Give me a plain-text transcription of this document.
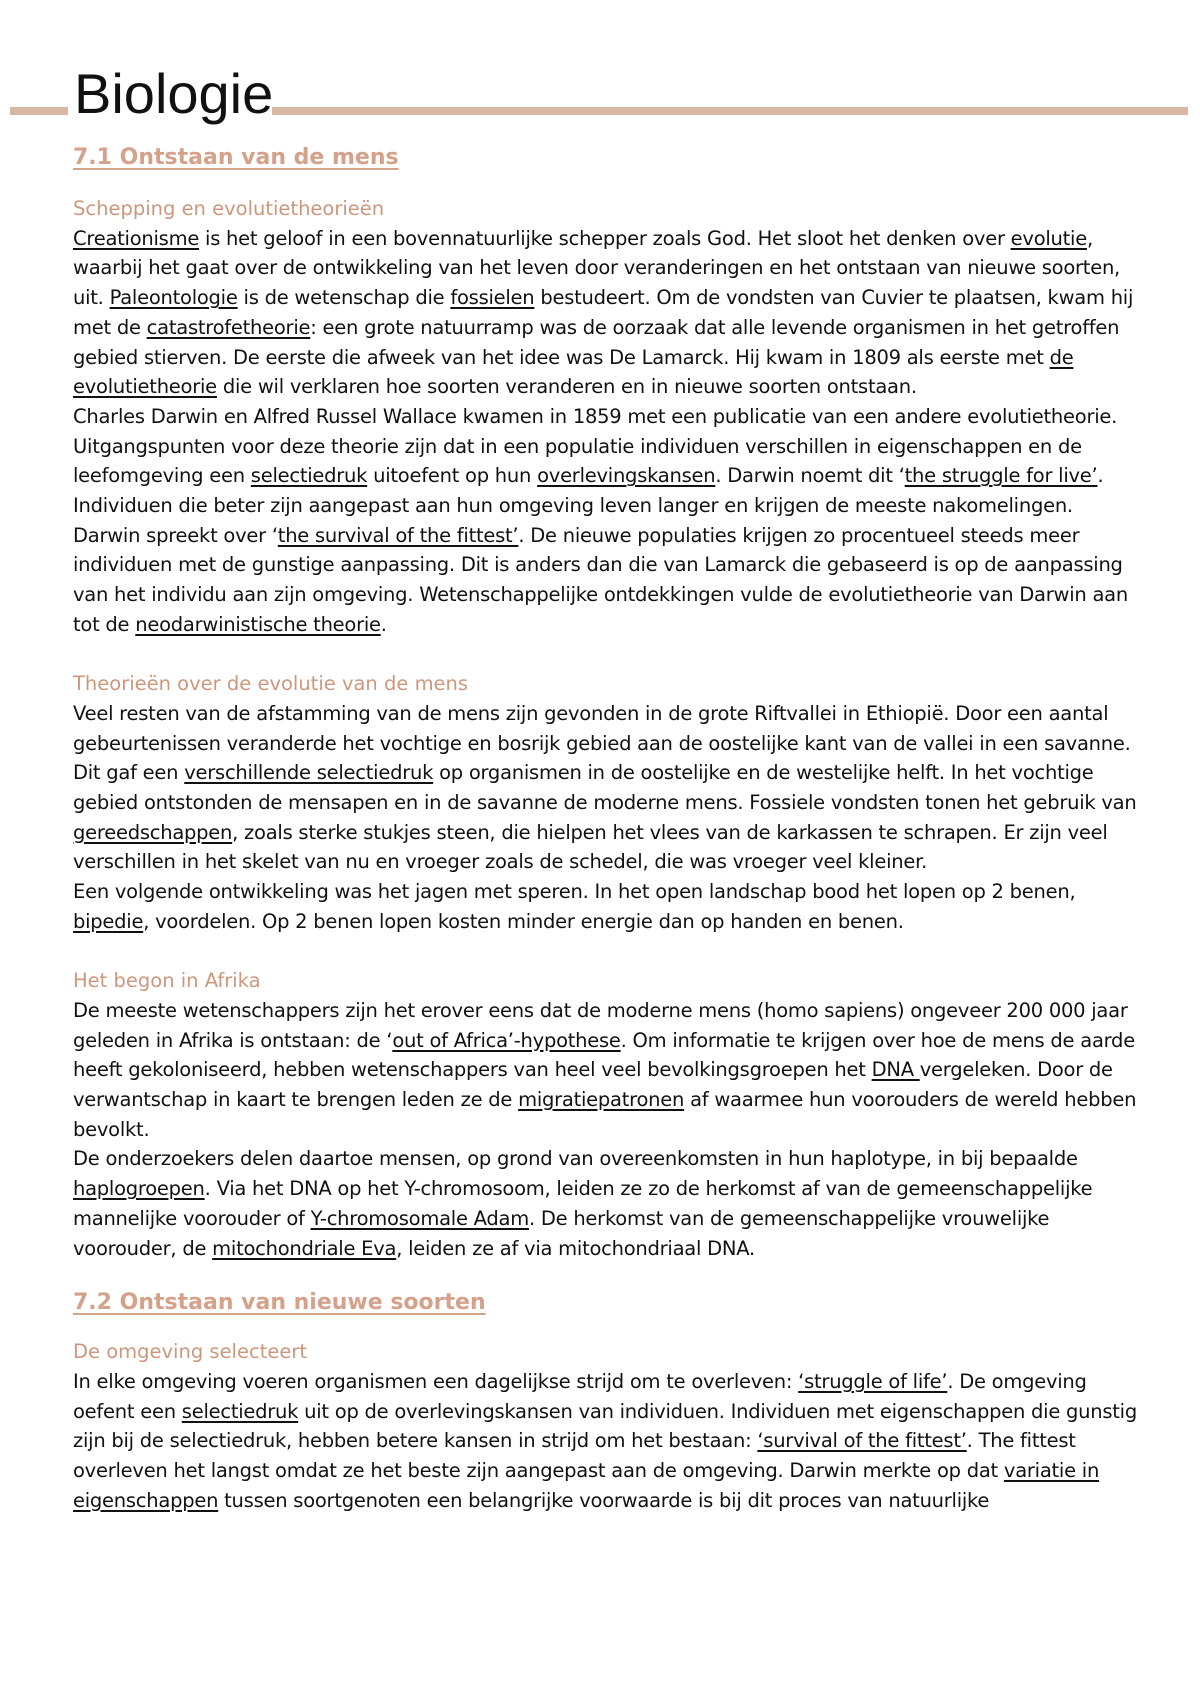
Biologie
7.1 Ontstaan van de mens
Schepping en evolutietheorieën

Creationisme is het geloof in een bovennatuurlijke schepper zoals God. Het sloot het denken over evolutie, waarbij het gaat over de ontwikkeling van het leven door veranderingen en het ontstaan van nieuwe soorten, uit. Paleontologie is de wetenschap die fossielen bestudeert. Om de vondsten van Cuvier te plaatsen, kwam hij met de catastrofetheorie: een grote natuurramp was de oorzaak dat alle levende organismen in het getroffen gebied stierven. De eerste die afweek van het idee was De Lamarck. Hij kwam in 1809 als eerste met de evolutietheorie die wil verklaren hoe soorten veranderen en in nieuwe soorten ontstaan.

Charles Darwin en Alfred Russel Wallace kwamen in 1859 met een publicatie van een andere evolutietheorie. Uitgangspunten voor deze theorie zijn dat in een populatie individuen verschillen in eigenschappen en de leefomgeving een selectiedruk uitoefent op hun overlevingskansen. Darwin noemt dit ‘the struggle for live’. Individuen die beter zijn aangepast aan hun omgeving leven langer en krijgen de meeste nakomelingen. Darwin spreekt over ‘the survival of the fittest’. De nieuwe populaties krijgen zo procentueel steeds meer individuen met de gunstige aanpassing. Dit is anders dan die van Lamarck die gebaseerd is op de aanpassing van het individu aan zijn omgeving. Wetenschappelijke ontdekkingen vulde de evolutietheorie van Darwin aan tot de neodarwinistische theorie.

Theorieën over de evolutie van de mens

Veel resten van de afstamming van de mens zijn gevonden in de grote Riftvallei in Ethiopië. Door een aantal gebeurtenissen veranderde het vochtige en bosrijk gebied aan de oostelijke kant van de vallei in een savanne. Dit gaf een verschillende selectiedruk op organismen in de oostelijke en de westelijke helft. In het vochtige gebied ontstonden de mensapen en in de savanne de moderne mens. Fossiele vondsten tonen het gebruik van gereedschappen, zoals sterke stukjes steen, die hielpen het vlees van de karkassen te schrapen. Er zijn veel verschillen in het skelet van nu en vroeger zoals de schedel, die was vroeger veel kleiner.

Een volgende ontwikkeling was het jagen met speren. In het open landschap bood het lopen op 2 benen, bipedie, voordelen. Op 2 benen lopen kosten minder energie dan op handen en benen.

Het begon in Afrika

De meeste wetenschappers zijn het erover eens dat de moderne mens (homo sapiens) ongeveer 200 000 jaar geleden in Afrika is ontstaan: de ‘out of Africa’-hypothese. Om informatie te krijgen over hoe de mens de aarde heeft gekoloniseerd, hebben wetenschappers van heel veel bevolkingsgroepen het DNA vergeleken. Door de verwantschap in kaart te brengen leden ze de migratiepatronen af waarmee hun voorouders de wereld hebben bevolkt.

De onderzoekers delen daartoe mensen, op grond van overeenkomsten in hun haplotype, in bij bepaalde haplogroepen. Via het DNA op het Y-chromosoom, leiden ze zo de herkomst af van de gemeenschappelijke mannelijke voorouder of Y-chromosomale Adam. De herkomst van de gemeenschappelijke vrouwelijke voorouder, de mitochondriale Eva, leiden ze af via mitochondriaal DNA.

7.2 Ontstaan van nieuwe soorten
De omgeving selecteert

In elke omgeving voeren organismen een dagelijkse strijd om te overleven: ‘struggle of life’. De omgeving oefent een selectiedruk uit op de overlevingskansen van individuen. Individuen met eigenschappen die gunstig zijn bij de selectiedruk, hebben betere kansen in strijd om het bestaan: ‘survival of the fittest’. The fittest overleven het langst omdat ze het beste zijn aangepast aan de omgeving. Darwin merkte op dat variatie in eigenschappen tussen soortgenoten een belangrijke voorwaarde is bij dit proces van natuurlijke
